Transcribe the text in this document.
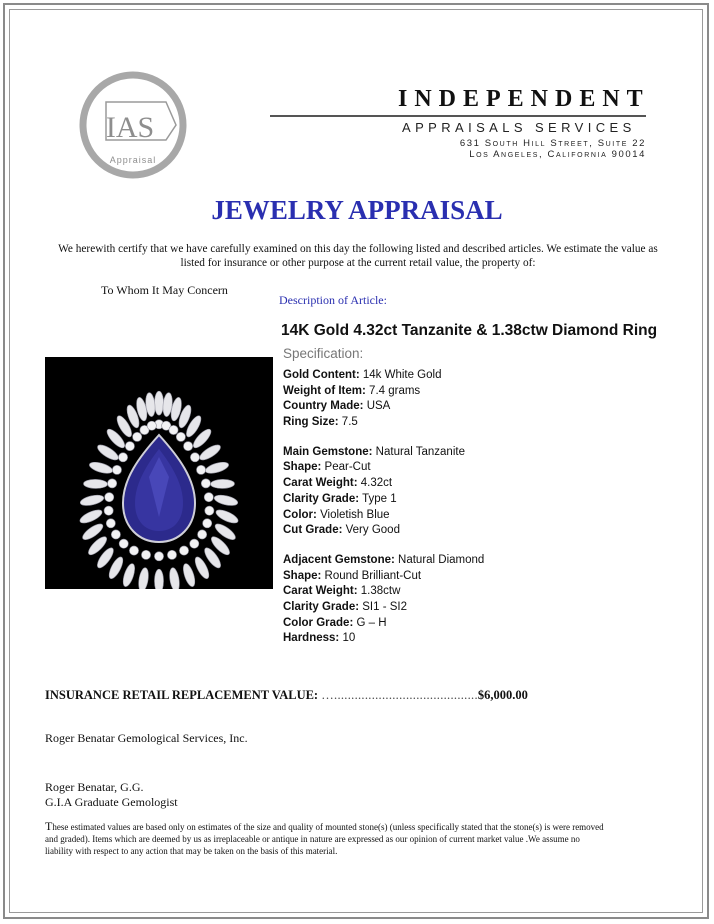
IAS
Appraisal
INDEPENDENT
APPRAISALS SERVICES
631 South Hill Street, Suite 22
Los Angeles, California 90014
JEWELRY APPRAISAL
We herewith certify that we have carefully examined on this day the following listed and described articles. We estimate the value as listed for insurance or other purpose at the current retail value, the property of:
To Whom It May Concern
Description of Article:
14K Gold 4.32ct Tanzanite & 1.38ctw Diamond Ring
Specification:
Gold Content: 14k White Gold
Weight of Item: 7.4 grams
Country Made: USA
Ring Size: 7.5
Main Gemstone: Natural Tanzanite
Shape: Pear-Cut
Carat Weight: 4.32ct
Clarity Grade: Type 1
Color: Violetish Blue
Cut Grade: Very Good
Adjacent Gemstone: Natural Diamond
Shape: Round Brilliant-Cut
Carat Weight: 1.38ctw
Clarity Grade: SI1 - SI2
Color Grade: G – H
Hardness: 10
INSURANCE RETAIL REPLACEMENT VALUE: …..........................................$6,000.00
Roger Benatar Gemological Services, Inc.
Roger Benatar, G.G.
G.I.A Graduate Gemologist
These estimated values are based only on estimates of the size and quality of mounted stone(s) (unless specifically stated that the stone(s) is were removed and graded). Items which are deemed by us as irreplaceable or antique in nature are expressed as our opinion of current market value .We assume no liability with respect to any action that may be taken on the basis of this material.
